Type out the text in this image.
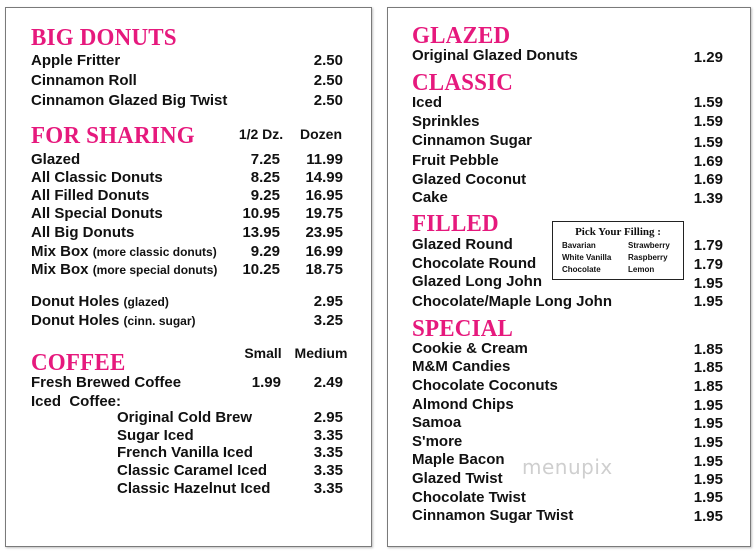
BIG DONUTS
Apple Fritter	2.50
Cinnamon Roll	2.50
Cinnamon Glazed Big Twist	2.50
FOR SHARING	1/2 Dz.	Dozen
Glazed	7.25	11.99
All Classic Donuts	8.25	14.99
All Filled Donuts	9.25	16.95
All Special Donuts	10.95	19.75
All Big Donuts	13.95	23.95
Mix Box (more classic donuts)	9.29	16.99
Mix Box (more special donuts)	10.25	18.75
Donut Holes (glazed)	2.95
Donut Holes (cinn. sugar)	3.25
COFFEE	Small Medium
Fresh Brewed Coffee	1.99	2.49
Iced  Coffee:
Original Cold Brew	2.95
Sugar Iced	3.35
French Vanilla Iced	3.35
Classic Caramel Iced	3.35
Classic Hazelnut Iced	3.35
GLAZED
Original Glazed Donuts	1.29
CLASSIC
Iced	1.59
Sprinkles	1.59
Cinnamon Sugar	1.59
Fruit Pebble	1.69
Glazed Coconut	1.69
Cake	1.39
FILLED
Glazed Round	1.79
Chocolate Round	1.79
Glazed Long John	1.95
Chocolate/Maple Long John	1.95
Pick Your Filling :
Bavarian	Strawberry
White Vanilla	Raspberry
Chocolate	Lemon
SPECIAL
Cookie & Cream	1.85
M&M Candies	1.85
Chocolate Coconuts	1.85
Almond Chips	1.95
Samoa	1.95
S'more	1.95
Maple Bacon	1.95
Glazed Twist	1.95
Chocolate Twist	1.95
Cinnamon Sugar Twist	1.95
menupix
